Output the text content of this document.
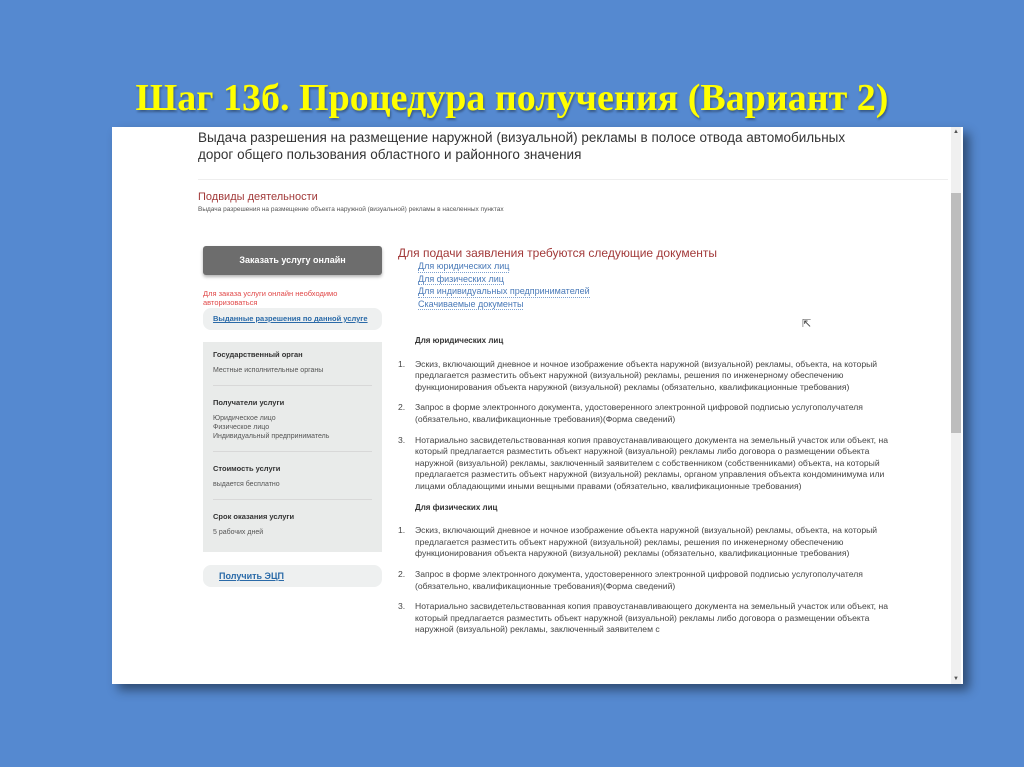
Шаг 13б. Процедура получения (Вариант 2)
Выдача разрешения на размещение наружной (визуальной) рекламы в полосе отвода автомобильных дорог общего пользования областного и районного значения
Подвиды деятельности
Выдача разрешения на размещение объекта наружной (визуальной) рекламы в населенных пунктах
Заказать услугу онлайн
Для заказа услуги онлайн необходимо авторизоваться
Выданные разрешения по данной услуге
Государственный орган
Местные исполнительные органы
Получатели услуги
Юридическое лицо
Физическое лицо
Индивидуальный предприниматель
Стоимость услуги
выдается бесплатно
Срок оказания услуги
5 рабочих дней
Получить ЭЦП
Для подачи заявления требуются следующие документы
Для юридических лиц
Для физических лиц
Для индивидуальных предпринимателей
Скачиваемые документы
⇱
Для юридических лиц
1. Эскиз, включающий дневное и ночное изображение объекта наружной (визуальной) рекламы, объекта, на который предлагается разместить объект наружной (визуальной) рекламы, решения по инженерному обеспечению функционирования объекта наружной (визуальной) рекламы (обязательно, квалификационные требования)
2. Запрос в форме электронного документа, удостоверенного электронной цифровой подписью услугополучателя (обязательно, квалификационные требования)(Форма сведений)
3. Нотариально засвидетельствованная копия правоустанавливающего документа на земельный участок или объект, на который предлагается разместить объект наружной (визуальной) рекламы либо договора о размещении объекта наружной (визуальной) рекламы, заключенный заявителем с собственником (собственниками) объекта, на который предлагается разместить объект наружной (визуальной) рекламы, органом управления объекта кондоминимума или лицами обладающими иными вещными правами (обязательно, квалификационные требования)
Для физических лиц
1. Эскиз, включающий дневное и ночное изображение объекта наружной (визуальной) рекламы, объекта, на который предлагается разместить объект наружной (визуальной) рекламы, решения по инженерному обеспечению функционирования объекта наружной (визуальной) рекламы (обязательно, квалификационные требования)
2. Запрос в форме электронного документа, удостоверенного электронной цифровой подписью услугополучателя (обязательно, квалификационные требования)(Форма сведений)
3. Нотариально засвидетельствованная копия правоустанавливающего документа на земельный участок или объект, на который предлагается разместить объект наружной (визуальной) рекламы либо договора о размещении объекта наружной (визуальной) рекламы, заключенный заявителем с
▲
▼
